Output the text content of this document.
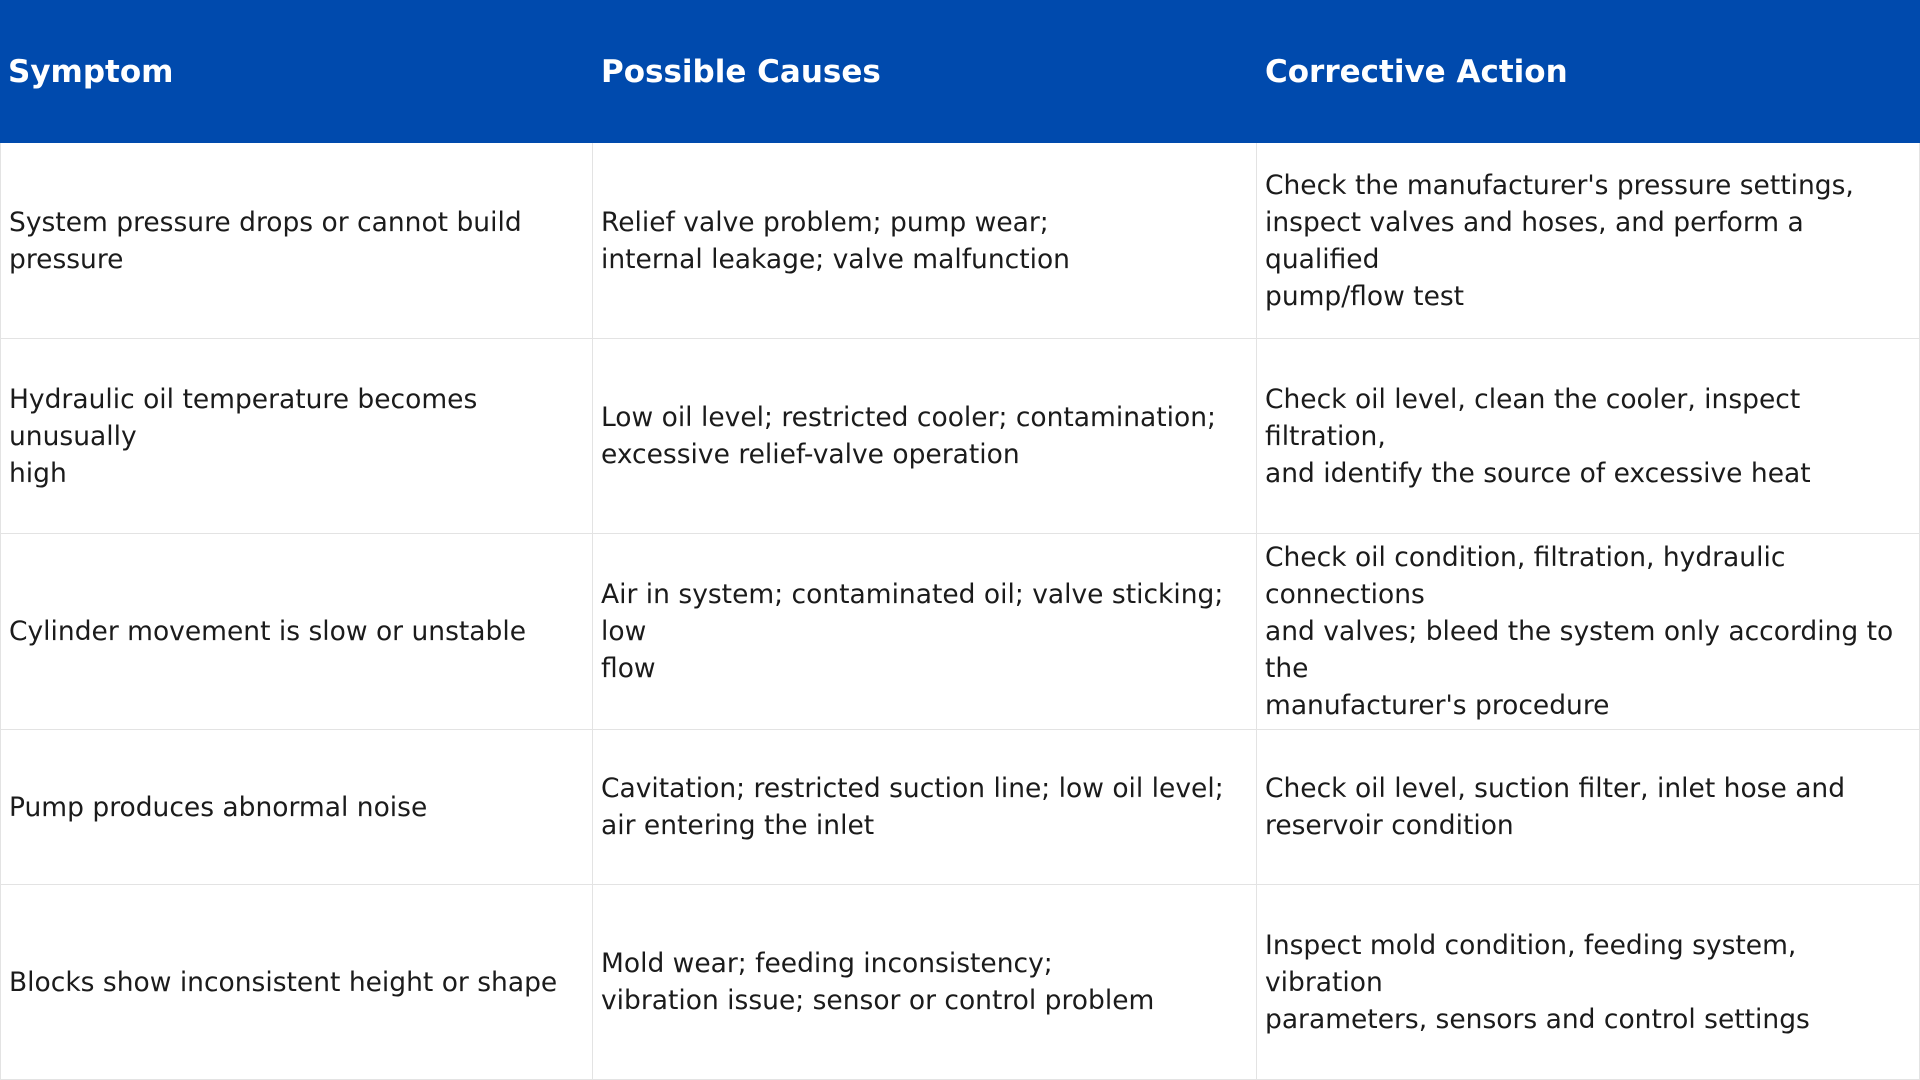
Symptom	Possible Causes	Corrective Action
System pressure drops or cannot build
pressure
Relief valve problem; pump wear;
internal leakage; valve malfunction
Check the manufacturer's pressure settings,
inspect valves and hoses, and perform a qualified
pump/flow test
Hydraulic oil temperature becomes unusually
high
Low oil level; restricted cooler; contamination;
excessive relief-valve operation
Check oil level, clean the cooler, inspect filtration,
and identify the source of excessive heat
Cylinder movement is slow or unstable
Air in system; contaminated oil; valve sticking; low
flow
Check oil condition, filtration, hydraulic connections
and valves; bleed the system only according to the
manufacturer's procedure
Pump produces abnormal noise
Cavitation; restricted suction line; low oil level;
air entering the inlet
Check oil level, suction filter, inlet hose and
reservoir condition
Blocks show inconsistent height or shape
Mold wear; feeding inconsistency;
vibration issue; sensor or control problem
Inspect mold condition, feeding system, vibration
parameters, sensors and control settings
